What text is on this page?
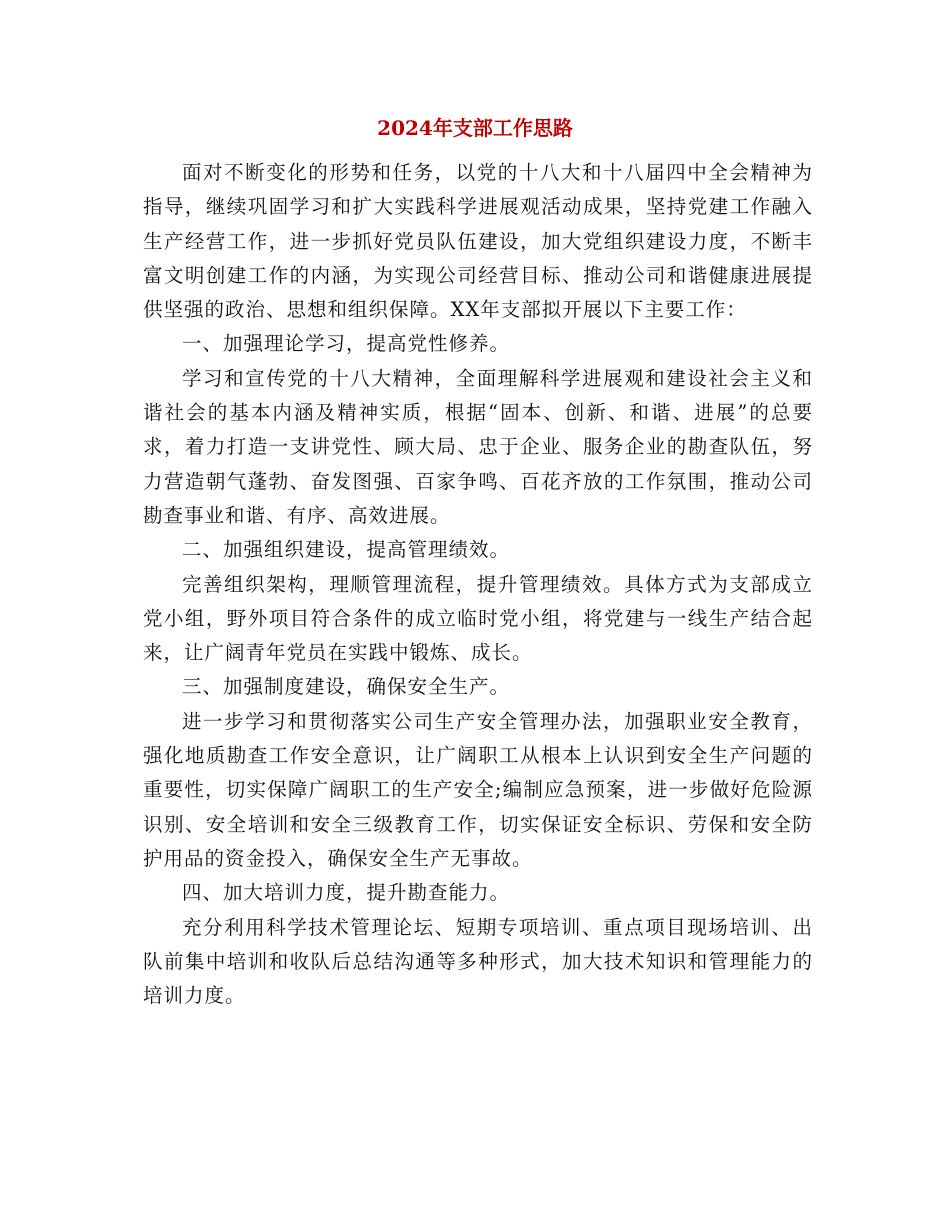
2024年支部工作思路

面对不断变化的形势和任务，以党的十八大和十八届四中全会精神为指导，继续巩固学习和扩大实践科学进展观活动成果，坚持党建工作融入生产经营工作，进一步抓好党员队伍建设，加大党组织建设力度，不断丰富文明创建工作的内涵，为实现公司经营目标、推动公司和谐健康进展提供坚强的政治、思想和组织保障。XX年支部拟开展以下主要工作：

一、加强理论学习，提高党性修养。

学习和宣传党的十八大精神，全面理解科学进展观和建设社会主义和谐社会的基本内涵及精神实质，根据“固本、创新、和谐、进展”的总要求，着力打造一支讲党性、顾大局、忠于企业、服务企业的勘查队伍，努力营造朝气蓬勃、奋发图强、百家争鸣、百花齐放的工作氛围，推动公司勘查事业和谐、有序、高效进展。

二、加强组织建设，提高管理绩效。

完善组织架构，理顺管理流程，提升管理绩效。具体方式为支部成立党小组，野外项目符合条件的成立临时党小组，将党建与一线生产结合起来，让广阔青年党员在实践中锻炼、成长。

三、加强制度建设，确保安全生产。

进一步学习和贯彻落实公司生产安全管理办法，加强职业安全教育，强化地质勘查工作安全意识，让广阔职工从根本上认识到安全生产问题的重要性，切实保障广阔职工的生产安全;编制应急预案，进一步做好危险源识别、安全培训和安全三级教育工作，切实保证安全标识、劳保和安全防护用品的资金投入，确保安全生产无事故。

四、加大培训力度，提升勘查能力。

充分利用科学技术管理论坛、短期专项培训、重点项目现场培训、出队前集中培训和收队后总结沟通等多种形式，加大技术知识和管理能力的培训力度。
